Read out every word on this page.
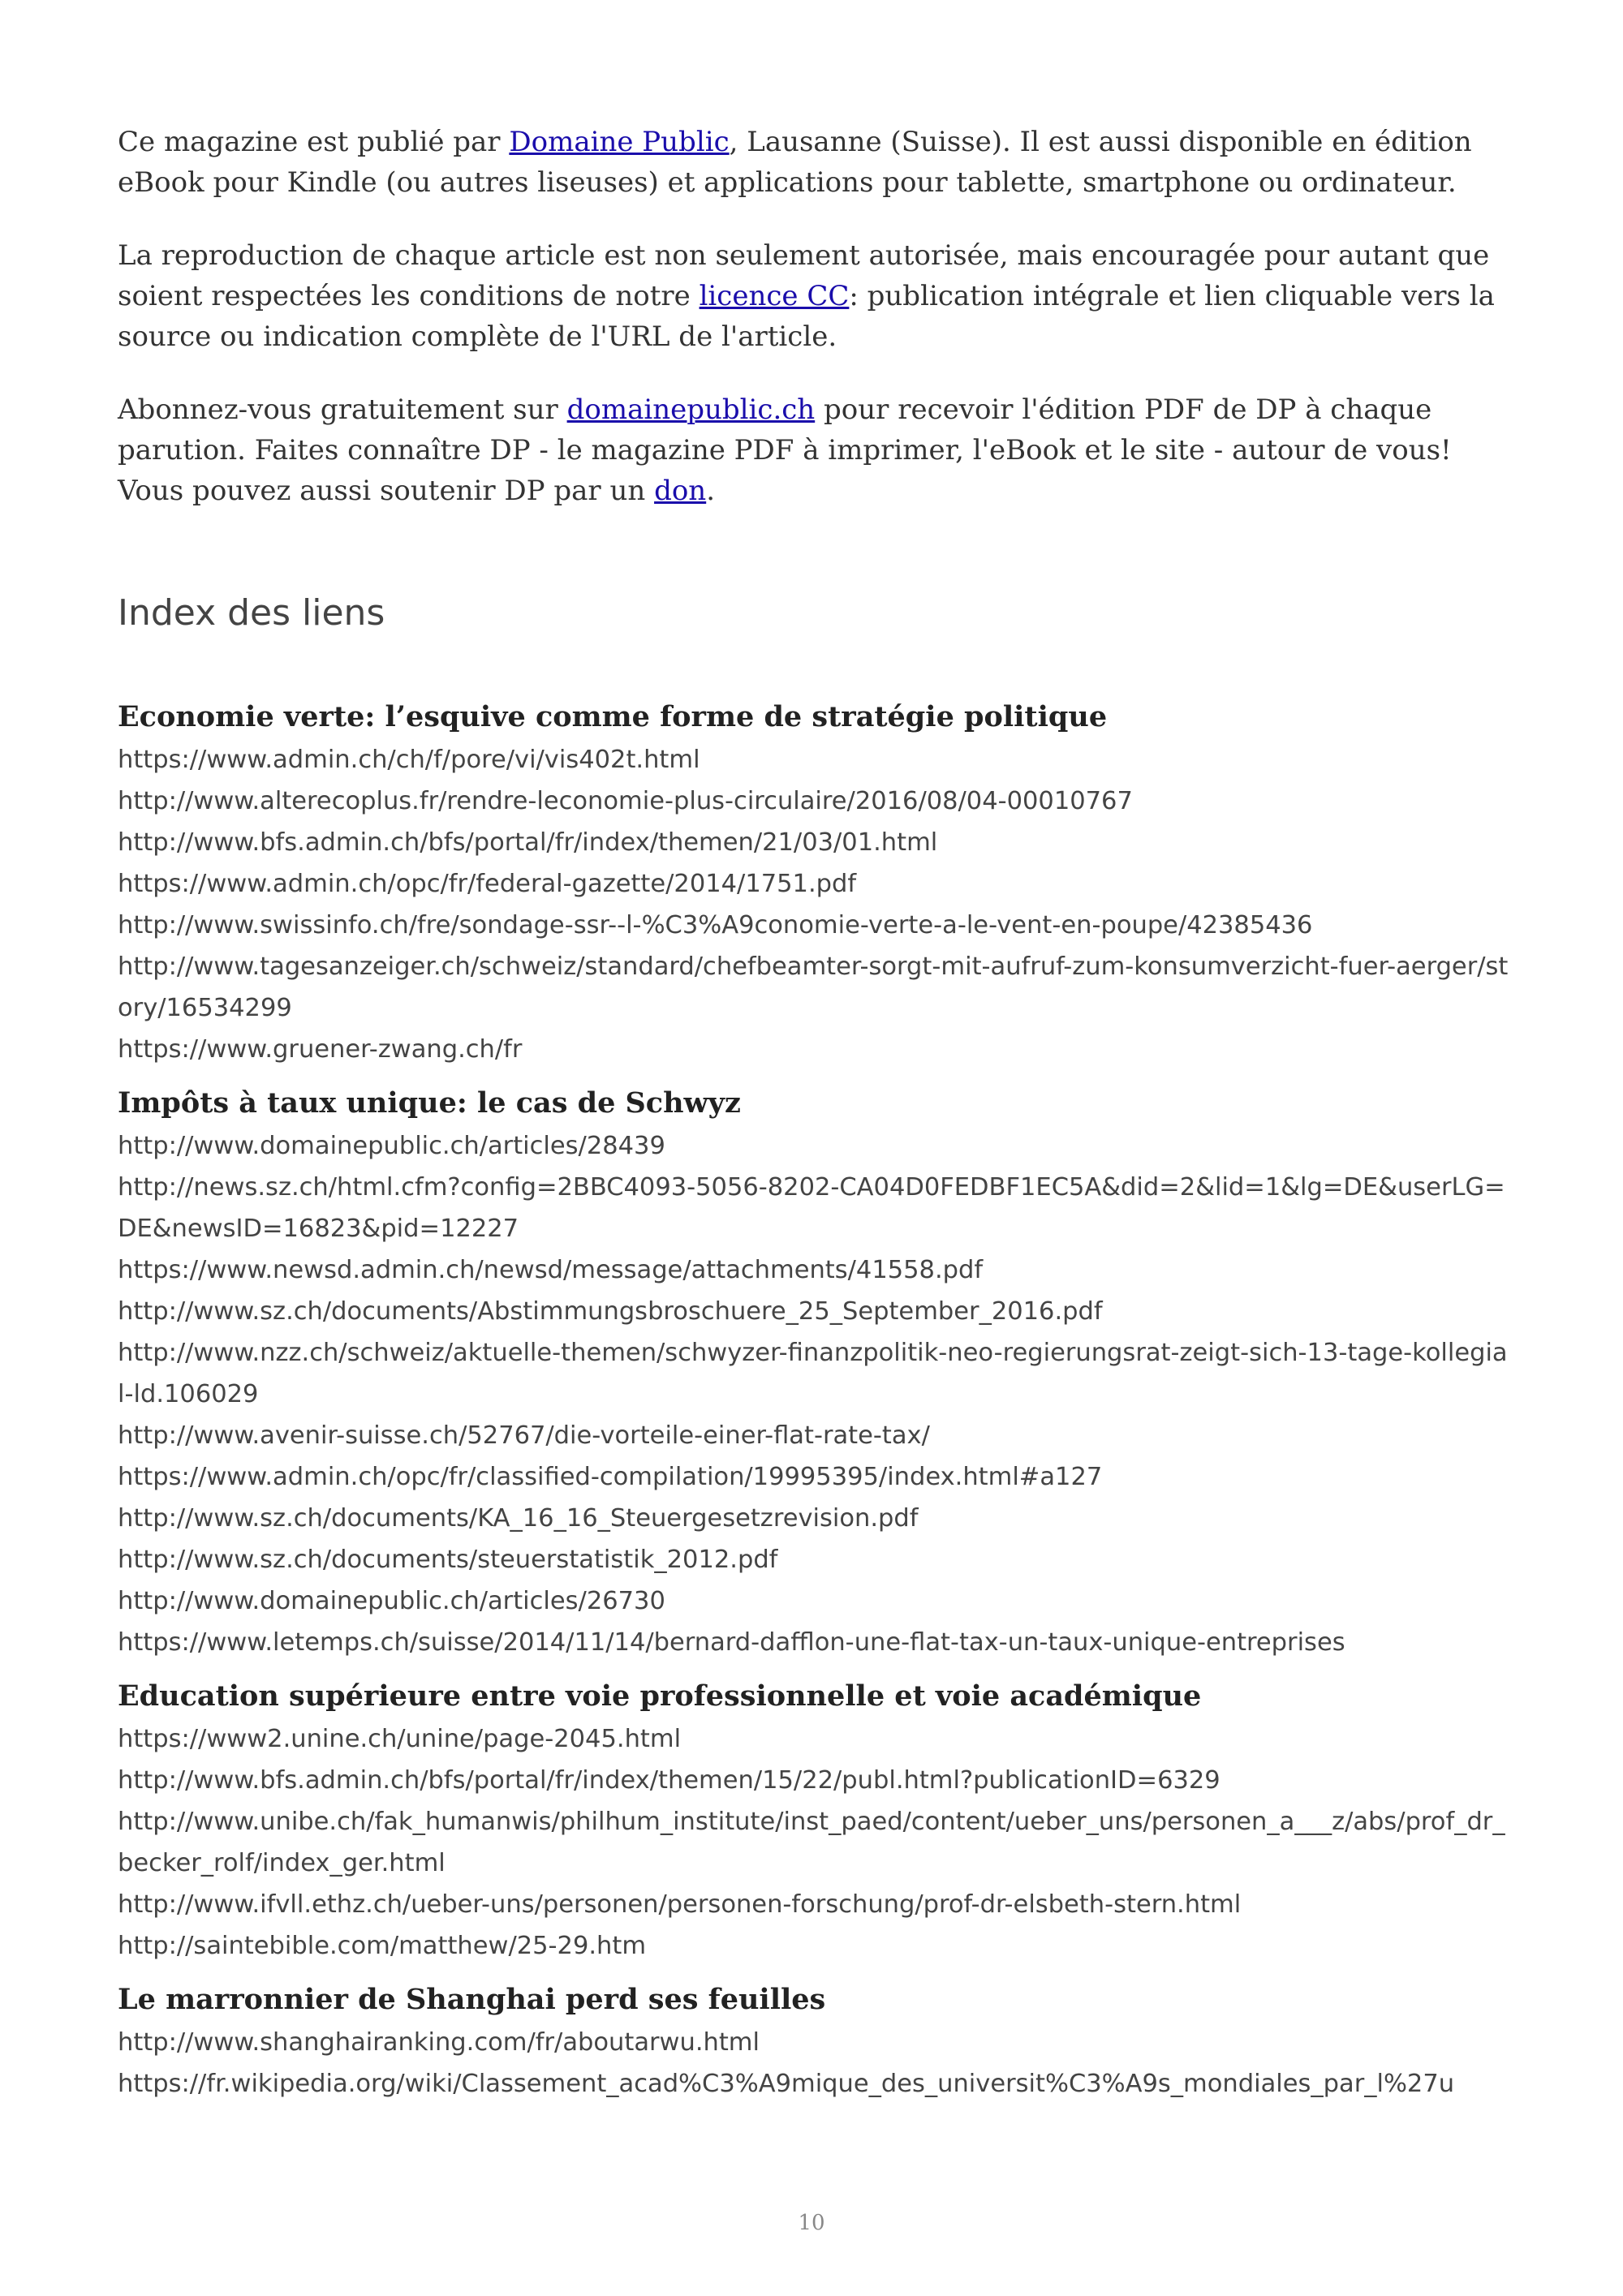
Ce magazine est publié par Domaine Public, Lausanne (Suisse). Il est aussi disponible en édition eBook pour Kindle (ou autres liseuses) et applications pour tablette, smartphone ou ordinateur.

La reproduction de chaque article est non seulement autorisée, mais encouragée pour autant que soient respectées les conditions de notre licence CC: publication intégrale et lien cliquable vers la source ou indication complète de l'URL de l'article.

Abonnez-vous gratuitement sur domainepublic.ch pour recevoir l'édition PDF de DP à chaque parution. Faites connaître DP - le magazine PDF à imprimer, l'eBook et le site - autour de vous! Vous pouvez aussi soutenir DP par un don.

Index des liens
Economie verte: l’esquive comme forme de stratégie politique
https://www.admin.ch/ch/f/pore/vi/vis402t.html
http://www.alterecoplus.fr/rendre-leconomie-plus-circulaire/2016/08/04-00010767
http://www.bfs.admin.ch/bfs/portal/fr/index/themen/21/03/01.html
https://www.admin.ch/opc/fr/federal-gazette/2014/1751.pdf
http://www.swissinfo.ch/fre/sondage-ssr--l-%C3%A9conomie-verte-a-le-vent-en-poupe/42385436
http://www.tagesanzeiger.ch/schweiz/standard/chefbeamter-sorgt-mit-aufruf-zum-konsumverzicht-fuer-aerger/story/16534299
https://www.gruener-zwang.ch/fr
Impôts à taux unique: le cas de Schwyz
http://www.domainepublic.ch/articles/28439
http://news.sz.ch/html.cfm?config=2BBC4093-5056-8202-CA04D0FEDBF1EC5A&did=2&lid=1&lg=DE&userLG=DE&newsID=16823&pid=12227
https://www.newsd.admin.ch/newsd/message/attachments/41558.pdf
http://www.sz.ch/documents/Abstimmungsbroschuere_25_September_2016.pdf
http://www.nzz.ch/schweiz/aktuelle-themen/schwyzer-finanzpolitik-neo-regierungsrat-zeigt-sich-13-tage-kollegial-ld.106029
http://www.avenir-suisse.ch/52767/die-vorteile-einer-flat-rate-tax/
https://www.admin.ch/opc/fr/classified-compilation/19995395/index.html#a127
http://www.sz.ch/documents/KA_16_16_Steuergesetzrevision.pdf
http://www.sz.ch/documents/steuerstatistik_2012.pdf
http://www.domainepublic.ch/articles/26730
https://www.letemps.ch/suisse/2014/11/14/bernard-dafflon-une-flat-tax-un-taux-unique-entreprises
Education supérieure entre voie professionnelle et voie académique
https://www2.unine.ch/unine/page-2045.html
http://www.bfs.admin.ch/bfs/portal/fr/index/themen/15/22/publ.html?publicationID=6329
http://www.unibe.ch/fak_humanwis/philhum_institute/inst_paed/content/ueber_uns/personen_a___z/abs/prof_dr_becker_rolf/index_ger.html
http://www.ifvll.ethz.ch/ueber-uns/personen/personen-forschung/prof-dr-elsbeth-stern.html
http://saintebible.com/matthew/25-29.htm
Le marronnier de Shanghai perd ses feuilles
http://www.shanghairanking.com/fr/aboutarwu.html
https://fr.wikipedia.org/wiki/Classement_acad%C3%A9mique_des_universit%C3%A9s_mondiales_par_l%27u
10
